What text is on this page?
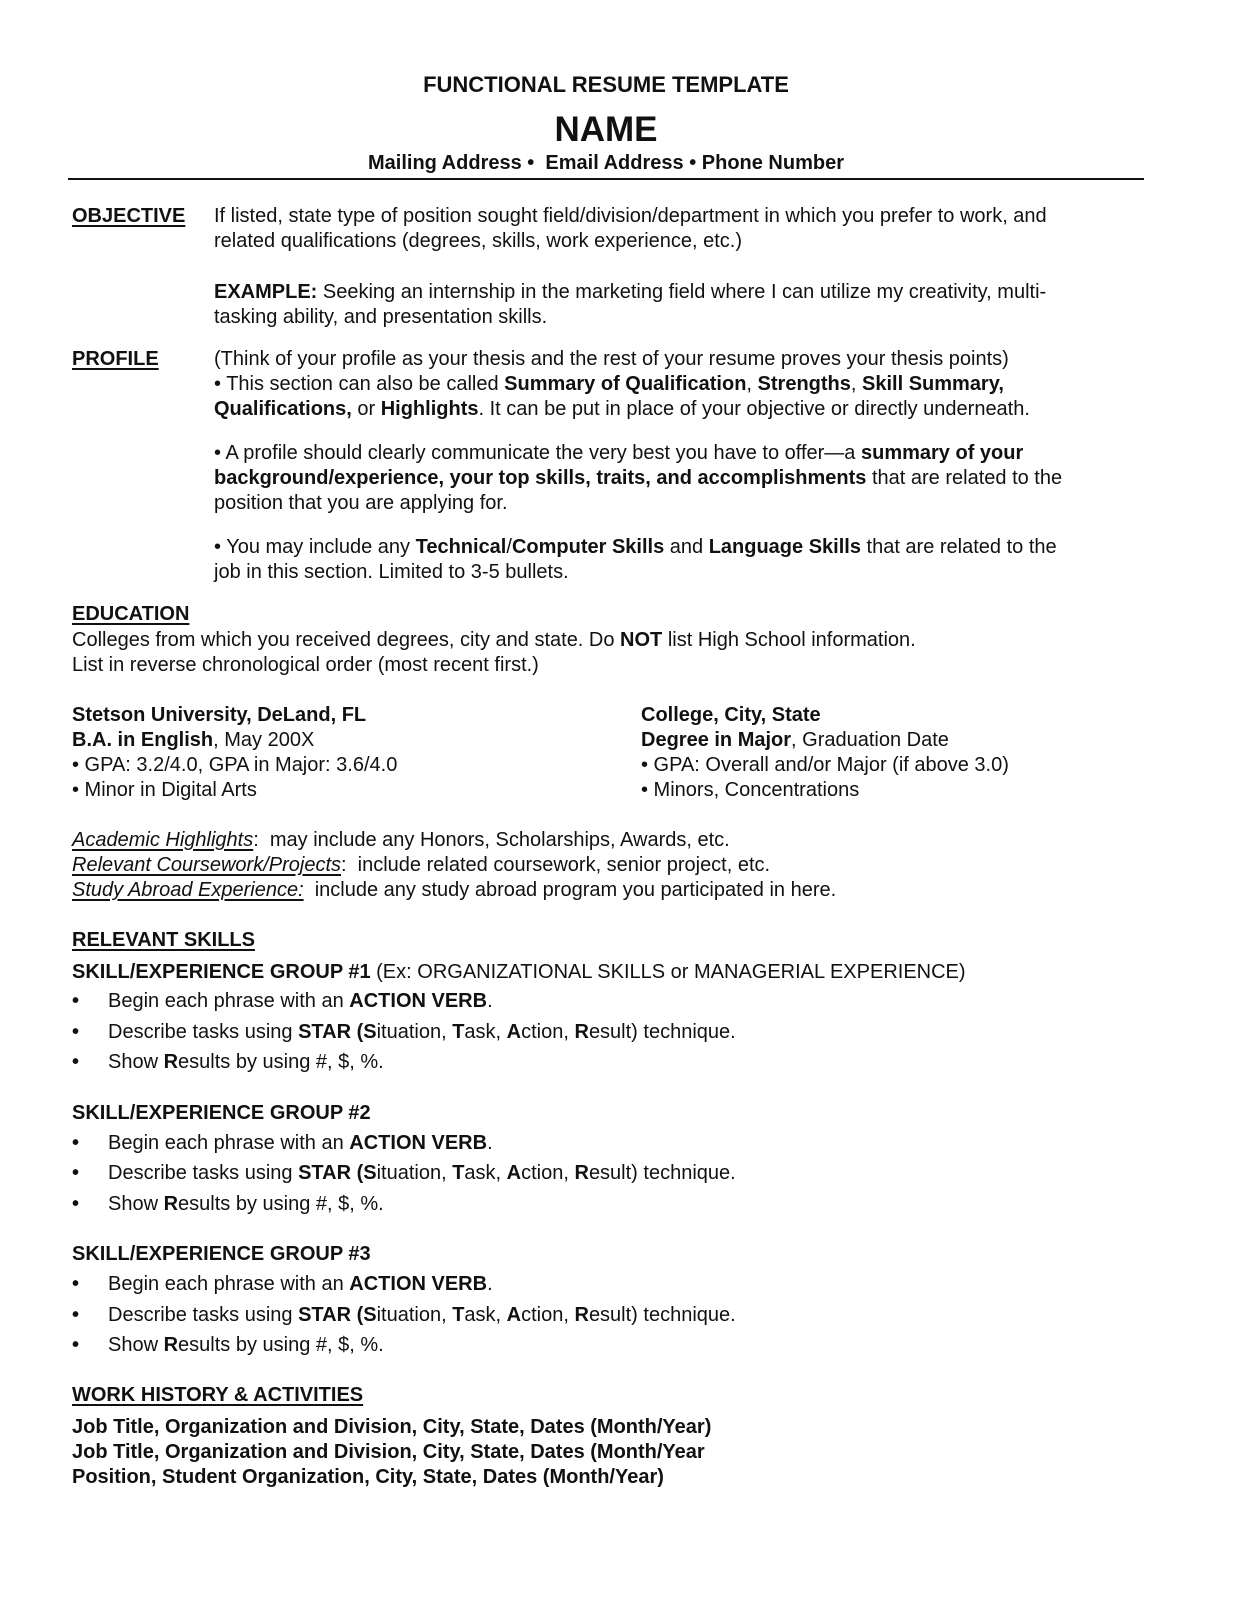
FUNCTIONAL RESUME TEMPLATE
NAME
Mailing Address • Email Address • Phone Number
OBJECTIVE If listed, state type of position sought field/division/department in which you prefer to work, and
related qualifications (degrees, skills, work experience, etc.)
EXAMPLE: Seeking an internship in the marketing field where I can utilize my creativity, multi-
tasking ability, and presentation skills.
PROFILE	(Think of your profile as your thesis and the rest of your resume proves your thesis points)
• This section can also be called Summary of Qualification, Strengths, Skill Summary,
Qualifications, or Highlights. It can be put in place of your objective or directly underneath.
• A profile should clearly communicate the very best you have to offer—a summary of your
background/experience, your top skills, traits, and accomplishments that are related to the
position that you are applying for.
• You may include any Technical/Computer Skills and Language Skills that are related to the
job in this section. Limited to 3-5 bullets.
EDUCATION
Colleges from which you received degrees, city and state. Do NOT list High School information.
List in reverse chronological order (most recent first.)
Stetson University, DeLand, FL
B.A. in English, May 200X
• GPA: 3.2/4.0, GPA in Major: 3.6/4.0
• Minor in Digital Arts
College, City, State
Degree in Major, Graduation Date
• GPA: Overall and/or Major (if above 3.0)
• Minors, Concentrations
Academic Highlights:  may include any Honors, Scholarships, Awards, etc.
Relevant Coursework/Projects:  include related coursework, senior project, etc.
Study Abroad Experience:  include any study abroad program you participated in here.
RELEVANT SKILLS
SKILL/EXPERIENCE GROUP #1 (Ex: ORGANIZATIONAL SKILLS or MANAGERIAL EXPERIENCE)
• Begin each phrase with an ACTION VERB.
• Describe tasks using STAR (Situation, Task, Action, Result) technique.
• Show Results by using #, $, %.
SKILL/EXPERIENCE GROUP #2
• Begin each phrase with an ACTION VERB.
• Describe tasks using STAR (Situation, Task, Action, Result) technique.
• Show Results by using #, $, %.
SKILL/EXPERIENCE GROUP #3
• Begin each phrase with an ACTION VERB.
• Describe tasks using STAR (Situation, Task, Action, Result) technique.
• Show Results by using #, $, %.
WORK HISTORY & ACTIVITIES
Job Title, Organization and Division, City, State, Dates (Month/Year)
Job Title, Organization and Division, City, State, Dates (Month/Year
Position, Student Organization, City, State, Dates (Month/Year)
